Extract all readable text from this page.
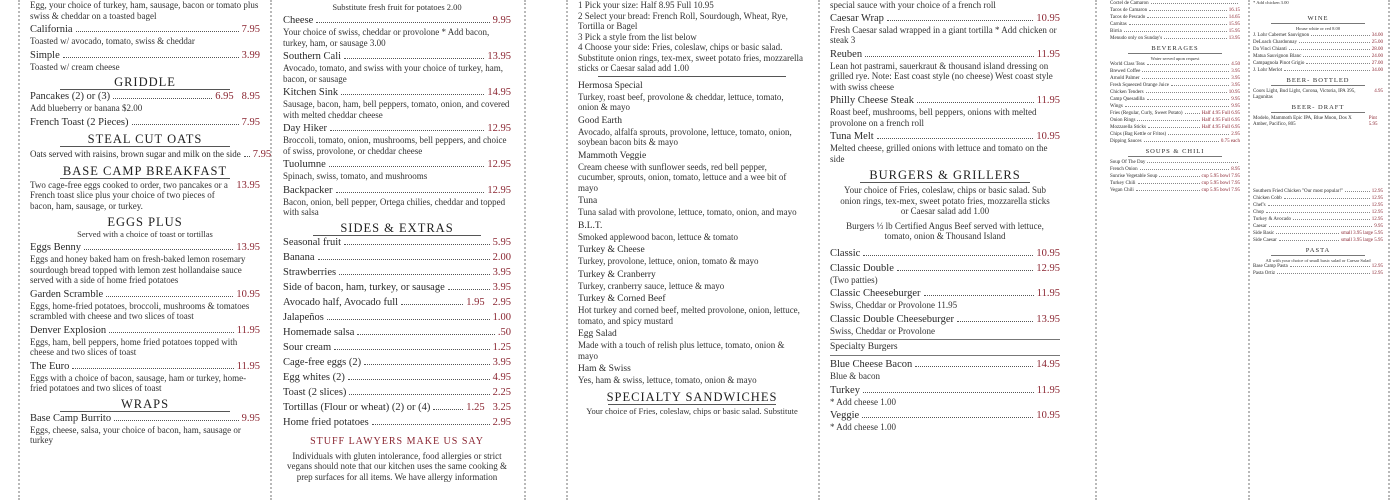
Egg, your choice of turkey, ham, sausage, bacon or tomato plus swiss & cheddar on a toasted bagel
California	7.95
Toasted w/ avocado, tomato, swiss & cheddar
Simple	3.99
Toasted w/ cream cheese
GRIDDLE
Pancakes (2) or (3)	6.95 8.95
Add blueberry or banana $2.00
French Toast (2 Pieces)	7.95
STEAL CUT OATS
Oats served with raisins, brown sugar and milk on the side 7.95
BASE CAMP BREAKFAST
Two cage-free eggs cooked to order, two pancakes or a French toast slice plus your choice of two pieces of bacon, ham, sausage, or turkey.
13.95
EGGS PLUS
Served with a choice of toast or tortillas
Eggs Benny	13.95
Eggs and honey baked ham on fresh-baked lemon rosemary sourdough bread topped with lemon zest hollandaise sauce served with a side of home fried potatoes
Garden Scramble	10.95
Eggs, home-fried potatoes, broccoli, mushrooms & tomatoes scrambled with cheese and two slices of toast
Denver Explosion	11.95
Eggs, ham, bell peppers, home fried potatoes topped with cheese and two slices of toast
The Euro	11.95
Eggs with a choice of bacon, sausage, ham or turkey, home-fried potatoes and two slices of toast
WRAPS
Base Camp Burrito	9.95
Eggs, cheese, salsa, your choice of bacon, ham, sausage or turkey
Substitute fresh fruit for potatoes 2.00
Cheese	9.95
Your choice of swiss, cheddar or provolone * Add bacon, turkey, ham, or sausage 3.00
Southern Cali	13.95
Avocado, tomato, and swiss with your choice of turkey, ham, bacon, or sausage
Kitchen Sink	14.95
Sausage, bacon, ham, bell peppers, tomato, onion, and covered with melted cheddar cheese
Day Hiker	12.95
Broccoli, tomato, onion, mushrooms, bell peppers, and choice of swiss, provolone, or cheddar cheese
Tuolumne	12.95
Spinach, swiss, tomato, and mushrooms
Backpacker	12.95
Bacon, onion, bell pepper, Ortega chilies, cheddar and topped with salsa
SIDES & EXTRAS
Seasonal fruit	5.95
Banana	2.00
Strawberries	3.95
Side of bacon, ham, turkey, or sausage	3.95
Avocado half, Avocado full	1.95 2.95
Jalapeños	1.00
Homemade salsa	.50
Sour cream	1.25
Cage-free eggs (2)	3.95
Egg whites (2)	4.95
Toast (2 slices)	2.25
Tortillas (Flour or wheat) (2) or (4)	1.25 3.25
Home fried potatoes	2.95
STUFF LAWYERS MAKE US SAY
Individuals with gluten intolerance, food allergies or strict vegans should note that our kitchen uses the same cooking & prep surfaces for all items. We have allergy information
1 Pick your size: Half 8.95 Full 10.95
2 Select your bread: French Roll, Sourdough, Wheat, Rye, Tortilla or Bagel
3 Pick a style from the list below
4 Choose your side: Fries, coleslaw, chips or basic salad. Substitute onion rings, tex-mex, sweet potato fries, mozzarella sticks or Caesar salad add 1.00
Hermosa Special
Turkey, roast beef, provolone & cheddar, lettuce, tomato, onion & mayo
Good Earth
Avocado, alfalfa sprouts, provolone, lettuce, tomato, onion, soybean bacon bits & mayo
Mammoth Veggie
Cream cheese with sunflower seeds, red bell pepper, cucumber, sprouts, onion, tomato, lettuce and a wee bit of mayo
Tuna
Tuna salad with provolone, lettuce, tomato, onion, and mayo
B.L.T.
Smoked applewood bacon, lettuce & tomato
Turkey & Cheese
Turkey, provolone, lettuce, onion, tomato & mayo
Turkey & Cranberry
Turkey, cranberry sauce, lettuce & mayo
Turkey & Corned Beef
Hot turkey and corned beef, melted provolone, onion, lettuce, tomato, and spicy mustard
Egg Salad
Made with a touch of relish plus lettuce, tomato, onion & mayo
Ham & Swiss
Yes, ham & swiss, lettuce, tomato, onion & mayo
SPECIALTY SANDWICHES
Your choice of Fries, coleslaw, chips or basic salad. Substitute
special sauce with your choice of a french roll
Caesar Wrap	10.95
Fresh Caesar salad wrapped in a giant tortilla * Add chicken or steak 3
Reuben	11.95
Lean hot pastrami, sauerkraut & thousand island dressing on grilled rye. Note: East coast style (no cheese) West coast style with swiss cheese
Philly Cheese Steak	11.95
Roast beef, mushrooms, bell peppers, onions with melted provolone on a french roll
Tuna Melt	10.95
Melted cheese, grilled onions with lettuce and tomato on the side
BURGERS & GRILLERS
Your choice of Fries, coleslaw, chips or basic salad. Sub onion rings, tex-mex, sweet potato fries, mozzarella sticks or Caesar salad add 1.00
Burgers ⅓ lb Certified Angus Beef served with lettuce, tomato, onion & Thousand Island
Classic	10.95
Classic Double	12.95
(Two patties)
Classic Cheeseburger	11.95
Swiss, Cheddar or Provolone 11.95
Classic Double Cheeseburger	13.95
Swiss, Cheddar or Provolone
Specialty Burgers
Blue Cheese Bacon	14.95
Blue & bacon
Turkey	11.95
* Add cheese 1.00
Veggie	10.95
* Add cheese 1.00
Coctel de Camaron
Tacos de Camaron	16.15
Tacos de Pescado	14.65
Carnitas	15.95
Birria	15.95
Menudo only on Sunday's	13.95
BEVERAGES
Water served upon request
World Class Teas	4.50
Brewed Coffee	3.95
Arnold Palmer	3.95
Fresh Squeezed Orange Juice	3.95
Chicken Tenders	10.95
Camp Quesadilla	9.95
Wings	9.95
Fries (Regular, Curly, Sweet Potato)	Half 4.95 Full 6.95
Onion Rings	Half 4.95 Full 6.95
Mozzarella Sticks	Half 4.95 Full 6.95
Chips (Bag Kettle or Fritos)	2.95
Dipping Sauces	0.75 each
SOUPS & CHILI
Soup Of The Day
French Onion	8.95
Sunrise Vegetable Soup	cup 5.95 bowl 7.95
Turkey Chili	cup 5.95 bowl 7.95
Vegan Chili	cup 5.95 bowl 7.95
* Add chicken 3.00
WINE
House white or red 8.00
J. Lohr Cabernet Sauvignon	34.00
DeLoach Chardonnay	25.00
Da Vinci Chianti	28.00
Matua Sauvignon Blanc	24.00
Campagnola Pinot Grigio	27.00
J. Lohr Merlot	34.00
BEER- BOTTLED
Coors Light, Bud Light, Corona, Victoria, IPA 395, Lagunitas
4.95
BEER- DRAFT
Modelo, Mammoth Epic IPA, Blue Moon, Dos X Amber, Pacifico, 805
Pint 5.95
Southern Fried Chicken "Our most popular!"	12.95
Chicken Cobb	12.95
Chef's	12.95
Chop	12.95
Turkey & Avocado	12.95
Caesar	9.95
Side Basic	small 3.95 large 5.95
Side Caesar	small 3.95 large 5.95
PASTA
All with your choice of small basic salad or Caesar Salad
Base Camp Pasta	12.95
Pasta Ortiz	12.95
